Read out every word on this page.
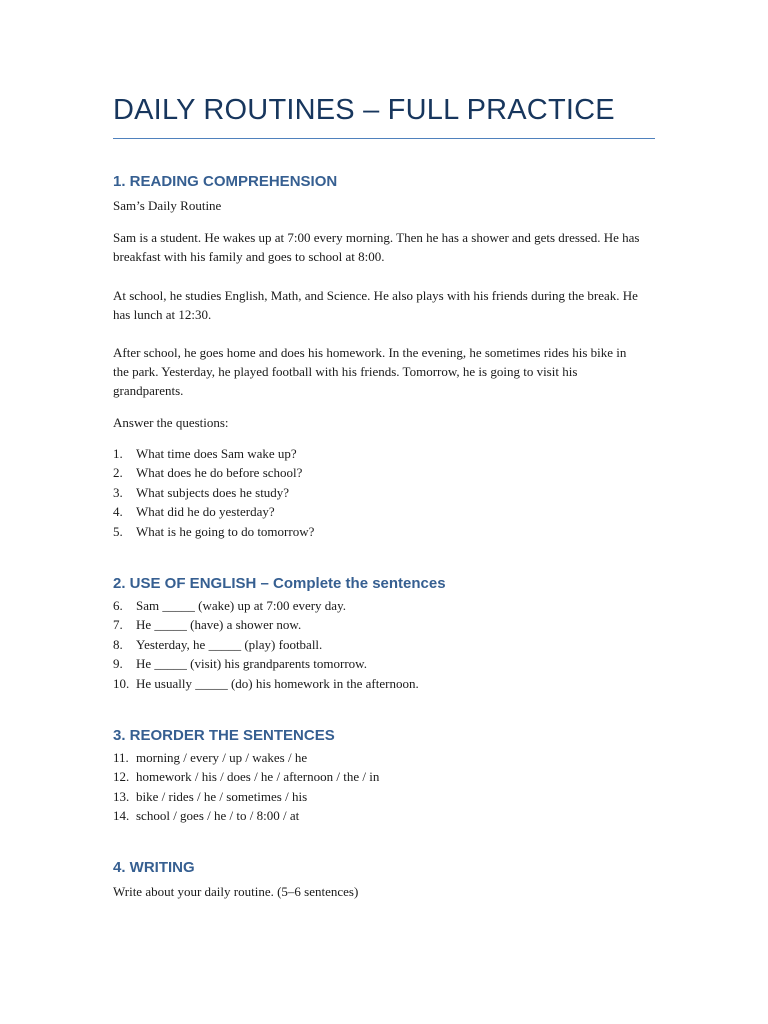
DAILY ROUTINES – FULL PRACTICE
1. READING COMPREHENSION
Sam’s Daily Routine
Sam is a student. He wakes up at 7:00 every morning. Then he has a shower and gets dressed. He has breakfast with his family and goes to school at 8:00.
At school, he studies English, Math, and Science. He also plays with his friends during the break. He has lunch at 12:30.
After school, he goes home and does his homework. In the evening, he sometimes rides his bike in the park. Yesterday, he played football with his friends. Tomorrow, he is going to visit his grandparents.
Answer the questions:
1. What time does Sam wake up?
2. What does he do before school?
3. What subjects does he study?
4. What did he do yesterday?
5. What is he going to do tomorrow?
2. USE OF ENGLISH – Complete the sentences
6. Sam _____ (wake) up at 7:00 every day.
7. He _____ (have) a shower now.
8. Yesterday, he _____ (play) football.
9. He _____ (visit) his grandparents tomorrow.
10. He usually _____ (do) his homework in the afternoon.
3. REORDER THE SENTENCES
11. morning / every / up / wakes / he
12. homework / his / does / he / afternoon / the / in
13. bike / rides / he / sometimes / his
14. school / goes / he / to / 8:00 / at
4. WRITING
Write about your daily routine. (5–6 sentences)
